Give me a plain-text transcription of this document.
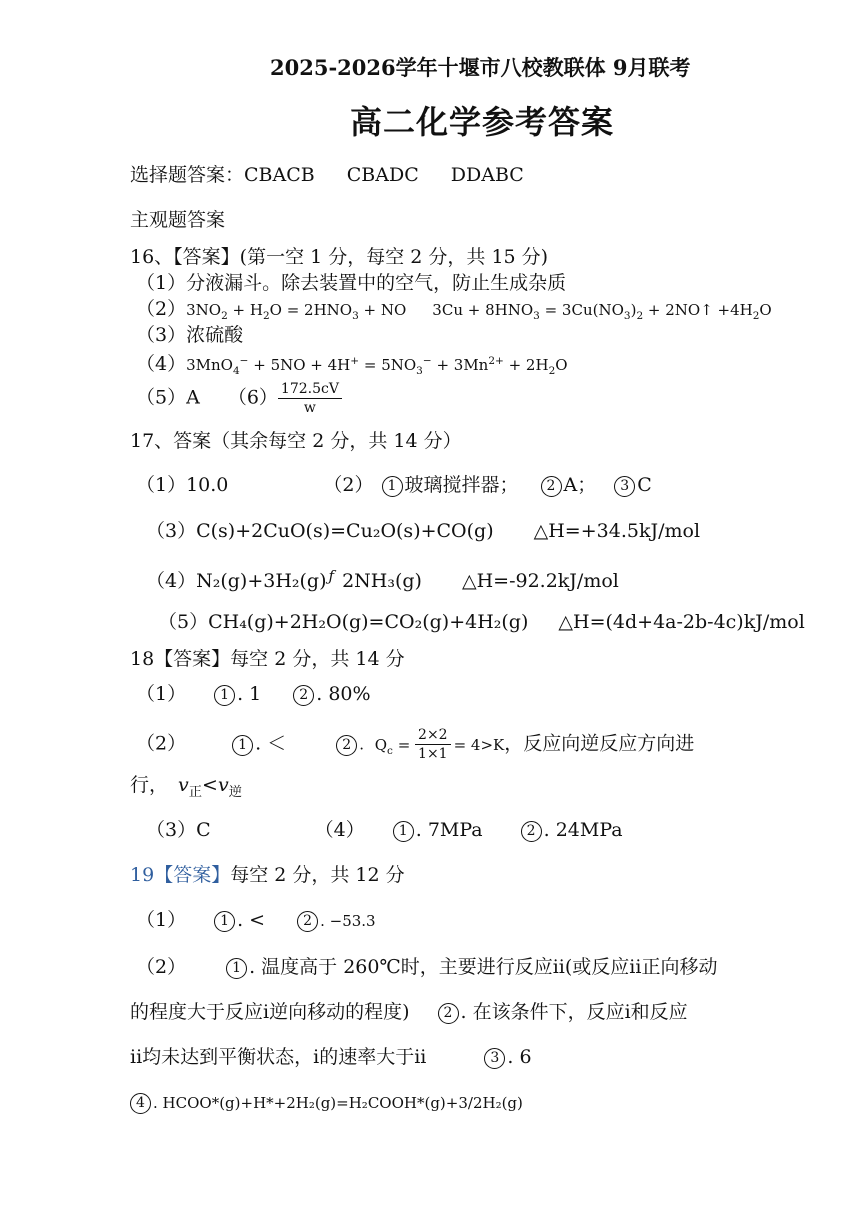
2025-2026学年十堰市八校教联体 9月联考
高二化学参考答案
选择题答案：CBACB CBADC DDABC
主观题答案
16、【答案】(第一空 1 分，每空 2 分，共 15 分)
（1）分液漏斗。除去装置中的空气，防止生成杂质
$(2)3NO_2 + H_2O = 2HNO_3$ + NO $3Cu + 8HNO_3 = 3Cu(NO_3)_2$ + 2NO↑ $+4H_2O$
（3）浓硫酸
$(4)3MnO_4^- + 5NO + 4H^+ = 5NO_3^- + 3Mn^{2+} + 2H_2O$
（5）A $(6) \frac{172.5cV}{w}$
17、答案（其余每空 2 分，共 14 分）
（1）10.0	（2） 1 玻璃搅拌器； 2 A； 3 C
（3）C(s)+2CuO(s)=Cu₂O(s)+CO(g) △H=+34.5kJ/mol
（4）N₂(g)+3H₂(g) $^ƒ$ 2NH₃(g) △H=-92.2kJ/mol
（5）CH₄(g)+2H₂O(g)=CO₂(g)+4H₂(g) △H=(4d+4a-2b-4c)kJ/mol
18【答案】每空 2 分，共 14 分
（1） 1 . 1	2 . 80%
（2）	1 . ＜	2 . $Q_c = \frac{2\times 2}{1\times 1} = 4>K$，反应向逆反应方向进
行， $v_正<v_逆$
（3）C	（4） 1 . 7MPa	2 . 24MPa
19【答案】每空 2 分，共 12 分
（1） 1 . <	2 . −53.3
（2）	1 . 温度高于 260℃时，主要进行反应ii(或反应ii正向移动
的程度大于反应i逆向移动的程度) 2 . 在该条件下，反应i和反应
ii均未达到平衡状态，i的速率大于ii	3 . 6
4 . HCOO*(g)+H*+2H₂(g)=H₂COOH*(g)+3/2H₂(g)
